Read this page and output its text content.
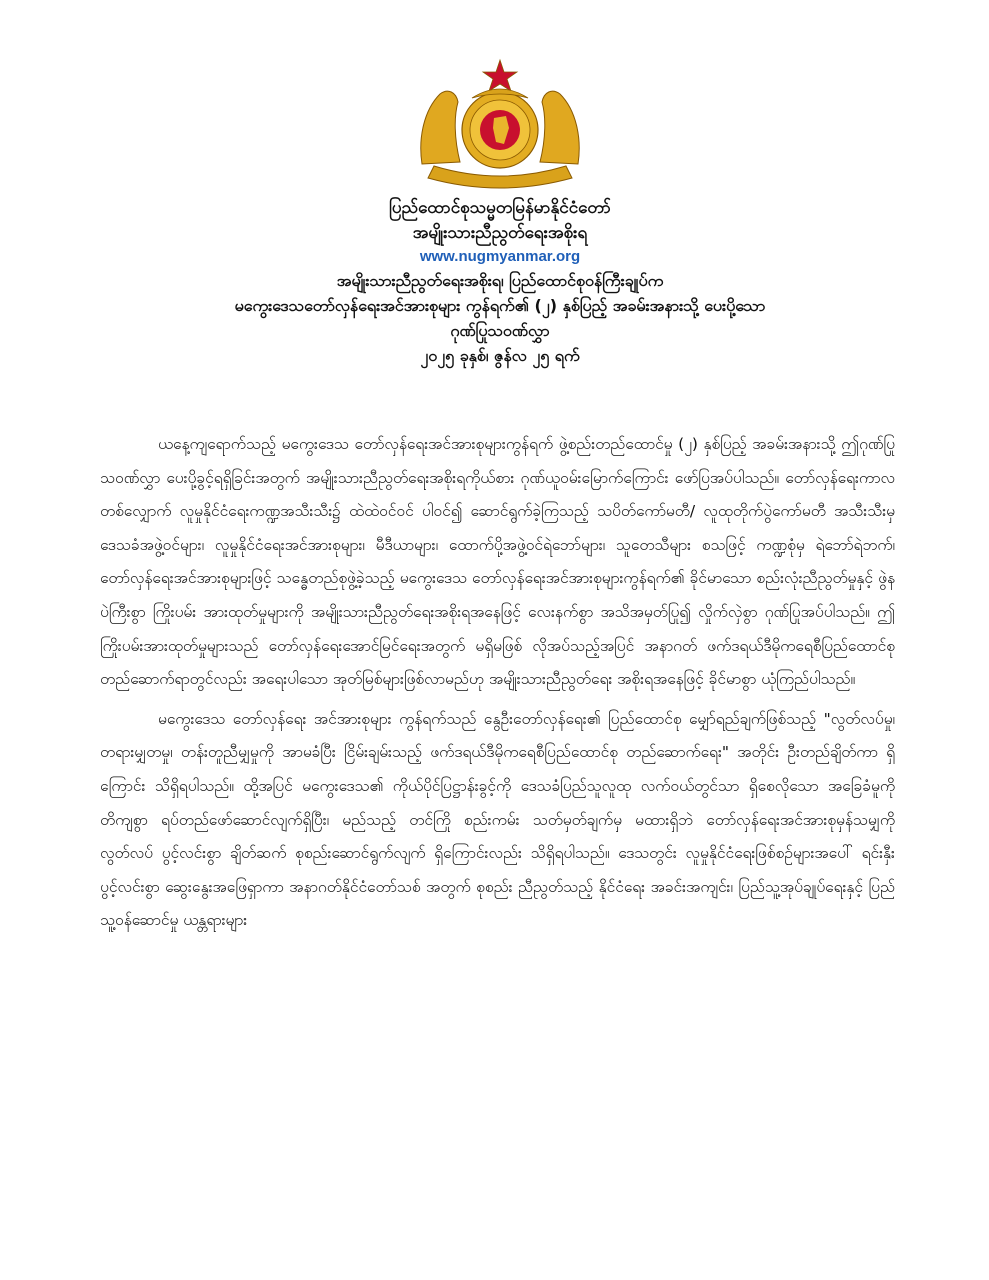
ပြည်ထောင်စုသမ္မတမြန်မာနိုင်ငံတော်
အမျိုးသားညီညွတ်ရေးအစိုးရ
www.nugmyanmar.org
အမျိုးသားညီညွတ်ရေးအစိုးရ၊ ပြည်ထောင်စုဝန်ကြီးချုပ်က
မကွေးဒေသတော်လှန်ရေးအင်အားစုများ ကွန်ရက်၏ (၂) နှစ်ပြည့် အခမ်းအနားသို့ ပေးပို့သော
ဂုဏ်ပြုသဝဏ်လွှာ
၂၀၂၅ ခုနှစ်၊ ဇွန်လ ၂၅ ရက်

ယနေ့ကျရောက်သည့် မကွေးဒေသ တော်လှန်ရေးအင်အားစုများကွန်ရက် ဖွဲ့စည်းတည်ထောင်မှု (၂) နှစ်ပြည့် အခမ်းအနားသို့ ဤဂုဏ်ပြုသဝဏ်လွှာ ပေးပို့ခွင့်ရရှိခြင်းအတွက် အမျိုးသားညီညွတ်ရေးအစိုးရကိုယ်စား ဂုဏ်ယူဝမ်းမြောက်ကြောင်း ဖော်ပြအပ်ပါသည်။ တော်လှန်ရေးကာလတစ်လျှောက် လူမှုနိုင်ငံရေးကဏ္ဍအသီးသီး၌ ထဲထဲဝင်ဝင် ပါဝင်၍ ဆောင်ရွက်ခဲ့ကြသည့် သပိတ်ကော်မတီ/ လူထုတိုက်ပွဲကော်မတီ အသီးသီးမှ ဒေသခံအဖွဲ့ဝင်များ၊ လူမှုနိုင်ငံရေးအင်အားစုများ၊ မီဒီယာများ၊ ထောက်ပို့အဖွဲ့ဝင်ရဲဘော်များ၊ သူတေသီများ စသဖြင့် ကဏ္ဍစုံမှ ရဲဘော်ရဲဘက်၊ တော်လှန်ရေးအင်အားစုများဖြင့် သန္ဓေတည်စုဖွဲ့ခဲ့သည့် မကွေးဒေသ တော်လှန်ရေးအင်အားစုများကွန်ရက်၏ ခိုင်မာသော စည်းလုံးညီညွတ်မှုနှင့် ဖွဲနပဲကြီးစွာ ကြိုးပမ်း အားထုတ်မှုများကို အမျိုးသားညီညွတ်ရေးအစိုးရအနေဖြင့် လေးနက်စွာ အသိအမှတ်ပြု၍ လှိုက်လှဲစွာ ဂုဏ်ပြုအပ်ပါသည်။ ဤကြိုးပမ်းအားထုတ်မှုများသည် တော်လှန်ရေးအောင်မြင်ရေးအတွက် မရှိမဖြစ် လိုအပ်သည့်အပြင် အနာဂတ် ဖက်ဒရယ်ဒီမိုကရေစီပြည်ထောင်စု တည်ဆောက်ရာတွင်လည်း အရေးပါသော အုတ်မြစ်များဖြစ်လာမည်ဟု အမျိုးသားညီညွတ်ရေး အစိုးရအနေဖြင့် ခိုင်မာစွာ ယုံကြည်ပါသည်။

မကွေးဒေသ တော်လှန်ရေး အင်အားစုများ ကွန်ရက်သည် နွေဦးတော်လှန်ရေး၏ ပြည်ထောင်စု မျှော်ရည်ချက်ဖြစ်သည့် "လွတ်လပ်မှု၊ တရားမျှတမှု၊ တန်းတူညီမျှမှုကို အာမခံပြီး ငြိမ်းချမ်းသည့် ဖက်ဒရယ်ဒီမိုကရေစီပြည်ထောင်စု တည်ဆောက်ရေး" အတိုင်း ဦးတည်ချိတ်ကာ ရှိကြောင်း သိရှိရပါသည်။ ထို့အပြင် မကွေးဒေသ၏ ကိုယ်ပိုင်ပြဋ္ဌာန်းခွင့်ကို ဒေသခံပြည်သူလူထု လက်ဝယ်တွင်သာ ရှိစေလိုသော အခြေခံမူကို တိကျစွာ ရပ်တည်ဖော်ဆောင်လျက်ရှိပြီး၊ မည်သည့် တင်ကြို စည်းကမ်း သတ်မှတ်ချက်မှ မထားရှိဘဲ တော်လှန်ရေးအင်အားစုမှန်သမျှကို လွတ်လပ် ပွင့်လင်းစွာ ချိတ်ဆက် စုစည်းဆောင်ရွက်လျက် ရှိကြောင်းလည်း သိရှိရပါသည်။ ဒေသတွင်း လူမှုနိုင်ငံရေးဖြစ်စဉ်များအပေါ် ရင်းနှီးပွင့်လင်းစွာ ဆွေးနွေးအဖြေရှာကာ အနာဂတ်နိုင်ငံတော်သစ် အတွက် စုစည်း ညီညွတ်သည့် နိုင်ငံရေး အခင်းအကျင်း၊ ပြည်သူ့အုပ်ချုပ်ရေးနှင့် ပြည်သူ့ဝန်ဆောင်မှု ယန္တရားများ
